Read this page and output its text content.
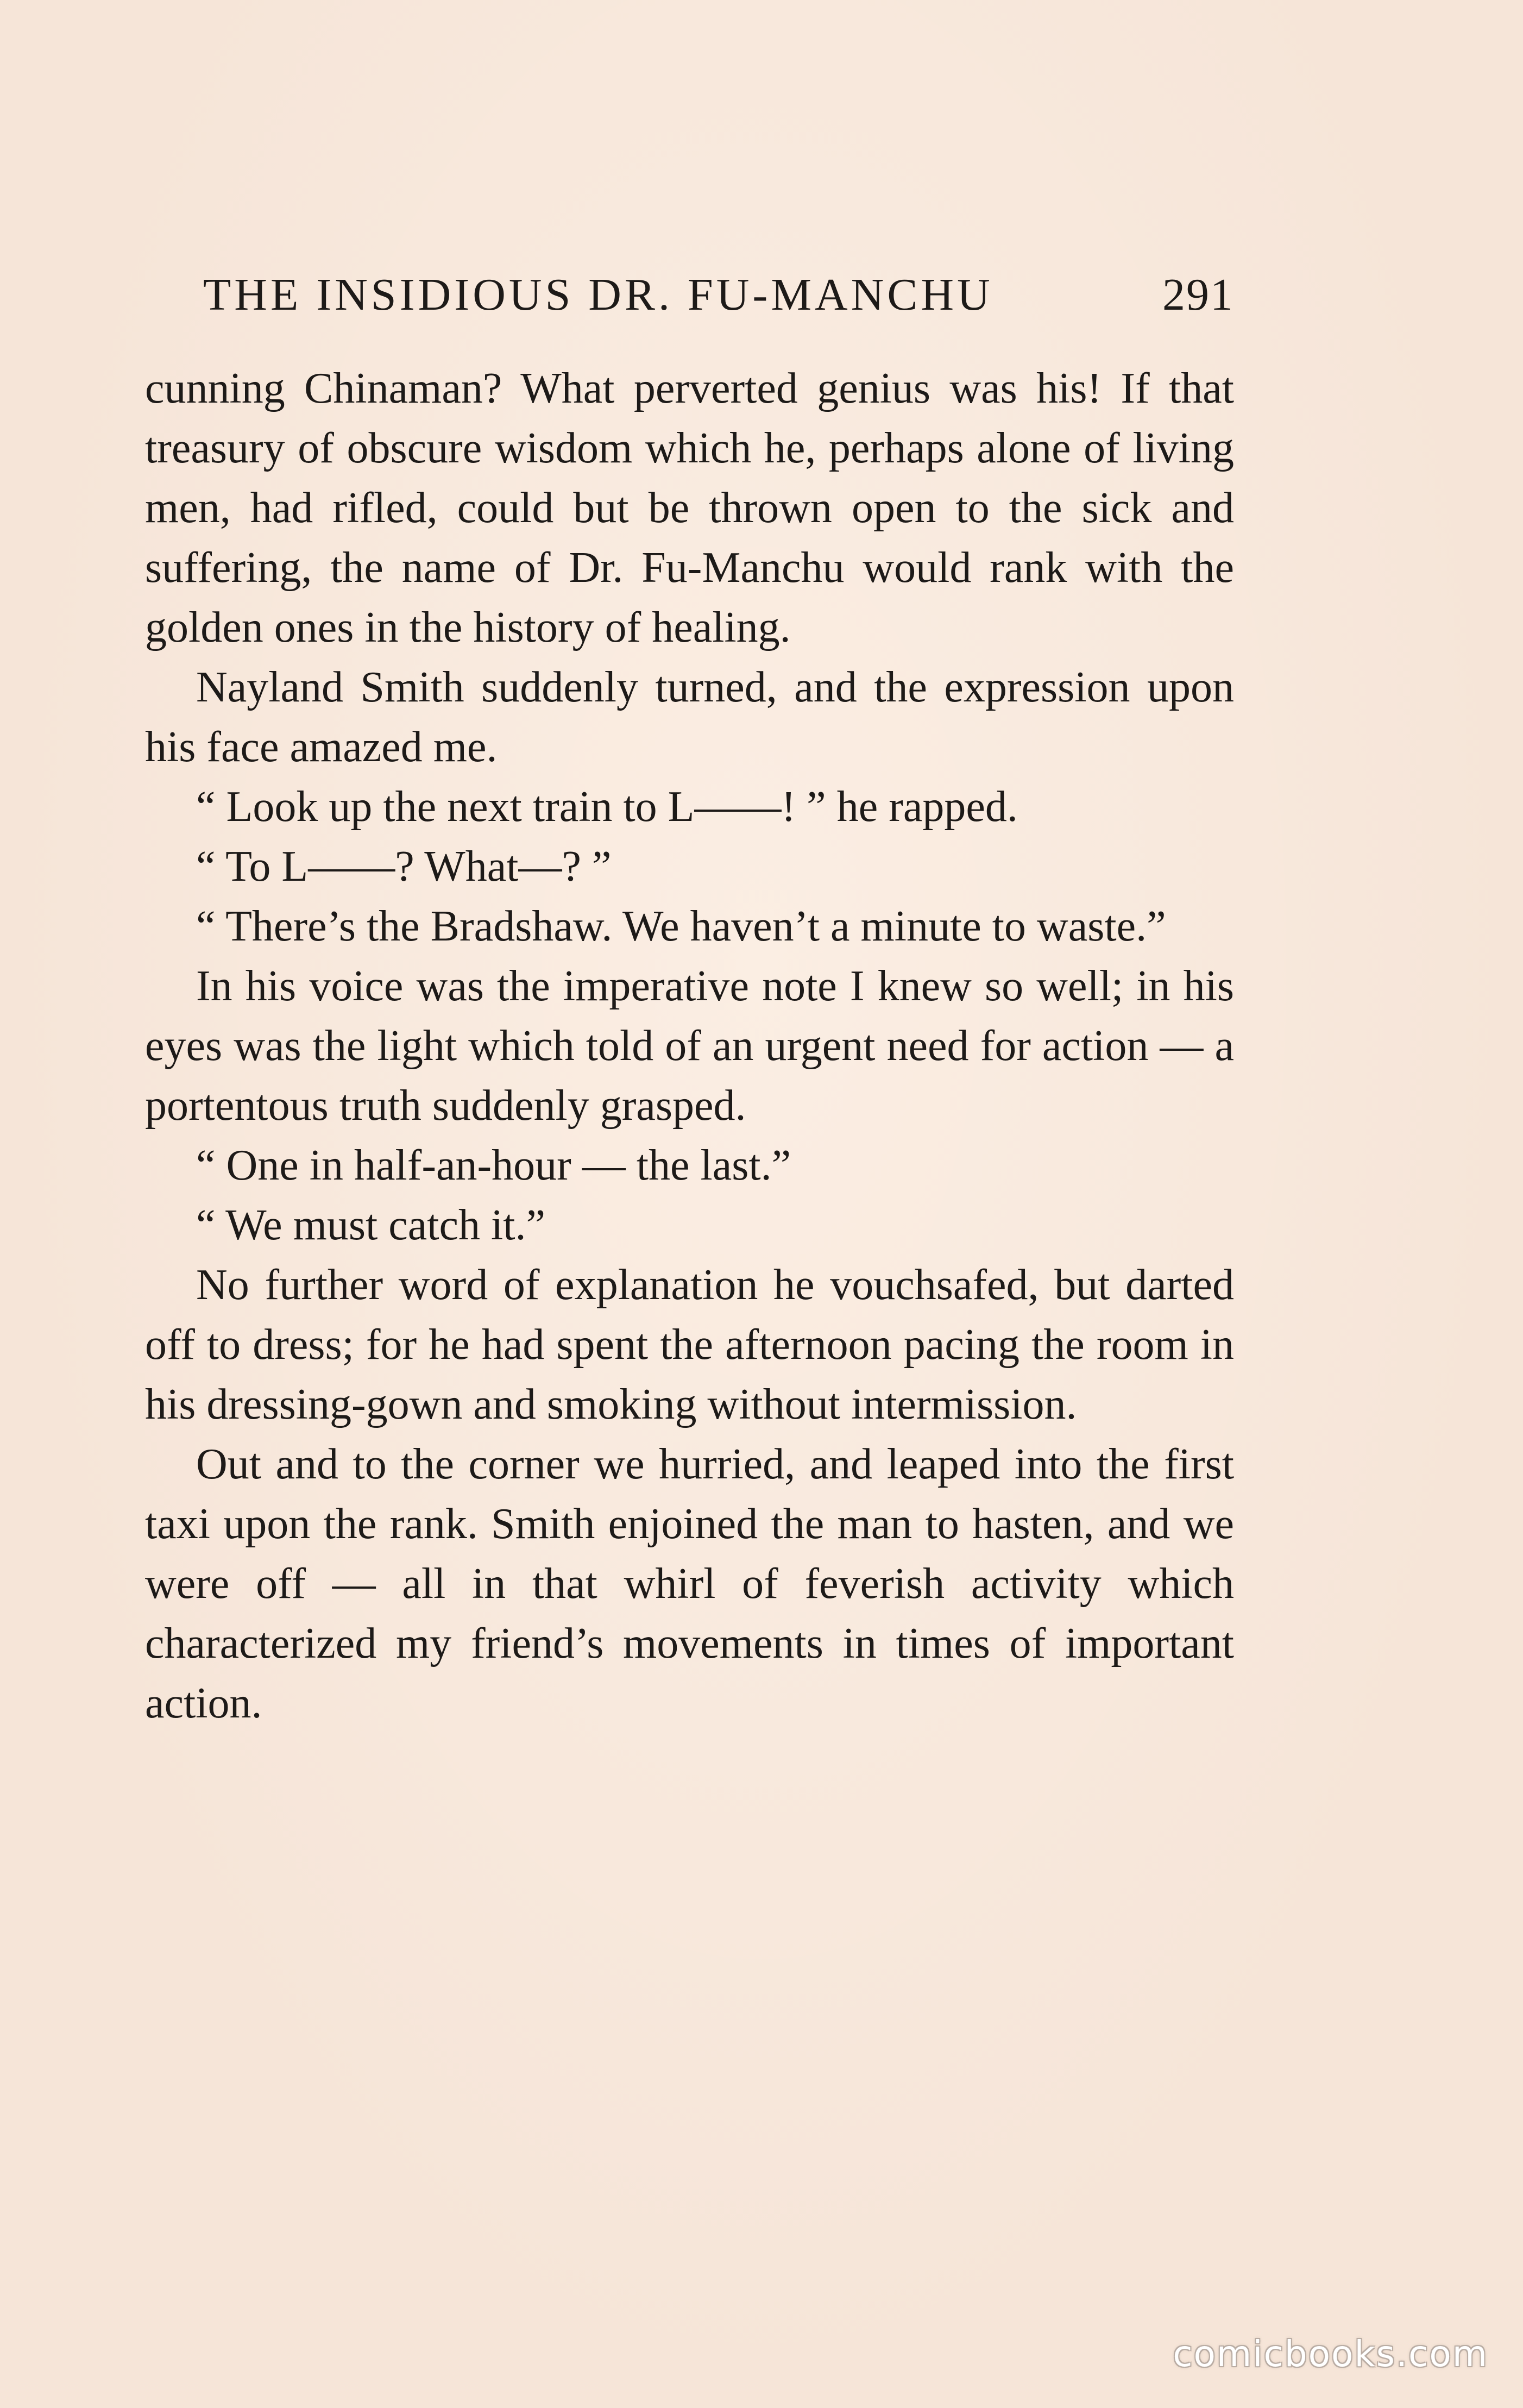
THE INSIDIOUS DR. FU-MANCHU	291

cunning Chinaman? What perverted genius was his! If that treasury of obscure wisdom which he, perhaps alone of living men, had rifled, could but be thrown open to the sick and suffering, the name of Dr. Fu-Manchu would rank with the golden ones in the history of healing.

Nayland Smith suddenly turned, and the expression upon his face amazed me.

“ Look up the next train to L——! ” he rapped.

“ To L——? What—? ”

“ There’s the Bradshaw. We haven’t a minute to waste.”

In his voice was the imperative note I knew so well; in his eyes was the light which told of an urgent need for action — a portentous truth suddenly grasped.

“ One in half-an-hour — the last.”

“ We must catch it.”

No further word of explanation he vouchsafed, but darted off to dress; for he had spent the afternoon pacing the room in his dressing-gown and smoking without intermission.

Out and to the corner we hurried, and leaped into the first taxi upon the rank. Smith enjoined the man to hasten, and we were off — all in that whirl of feverish activity which characterized my friend’s movements in times of important action.

comicbooks.com
